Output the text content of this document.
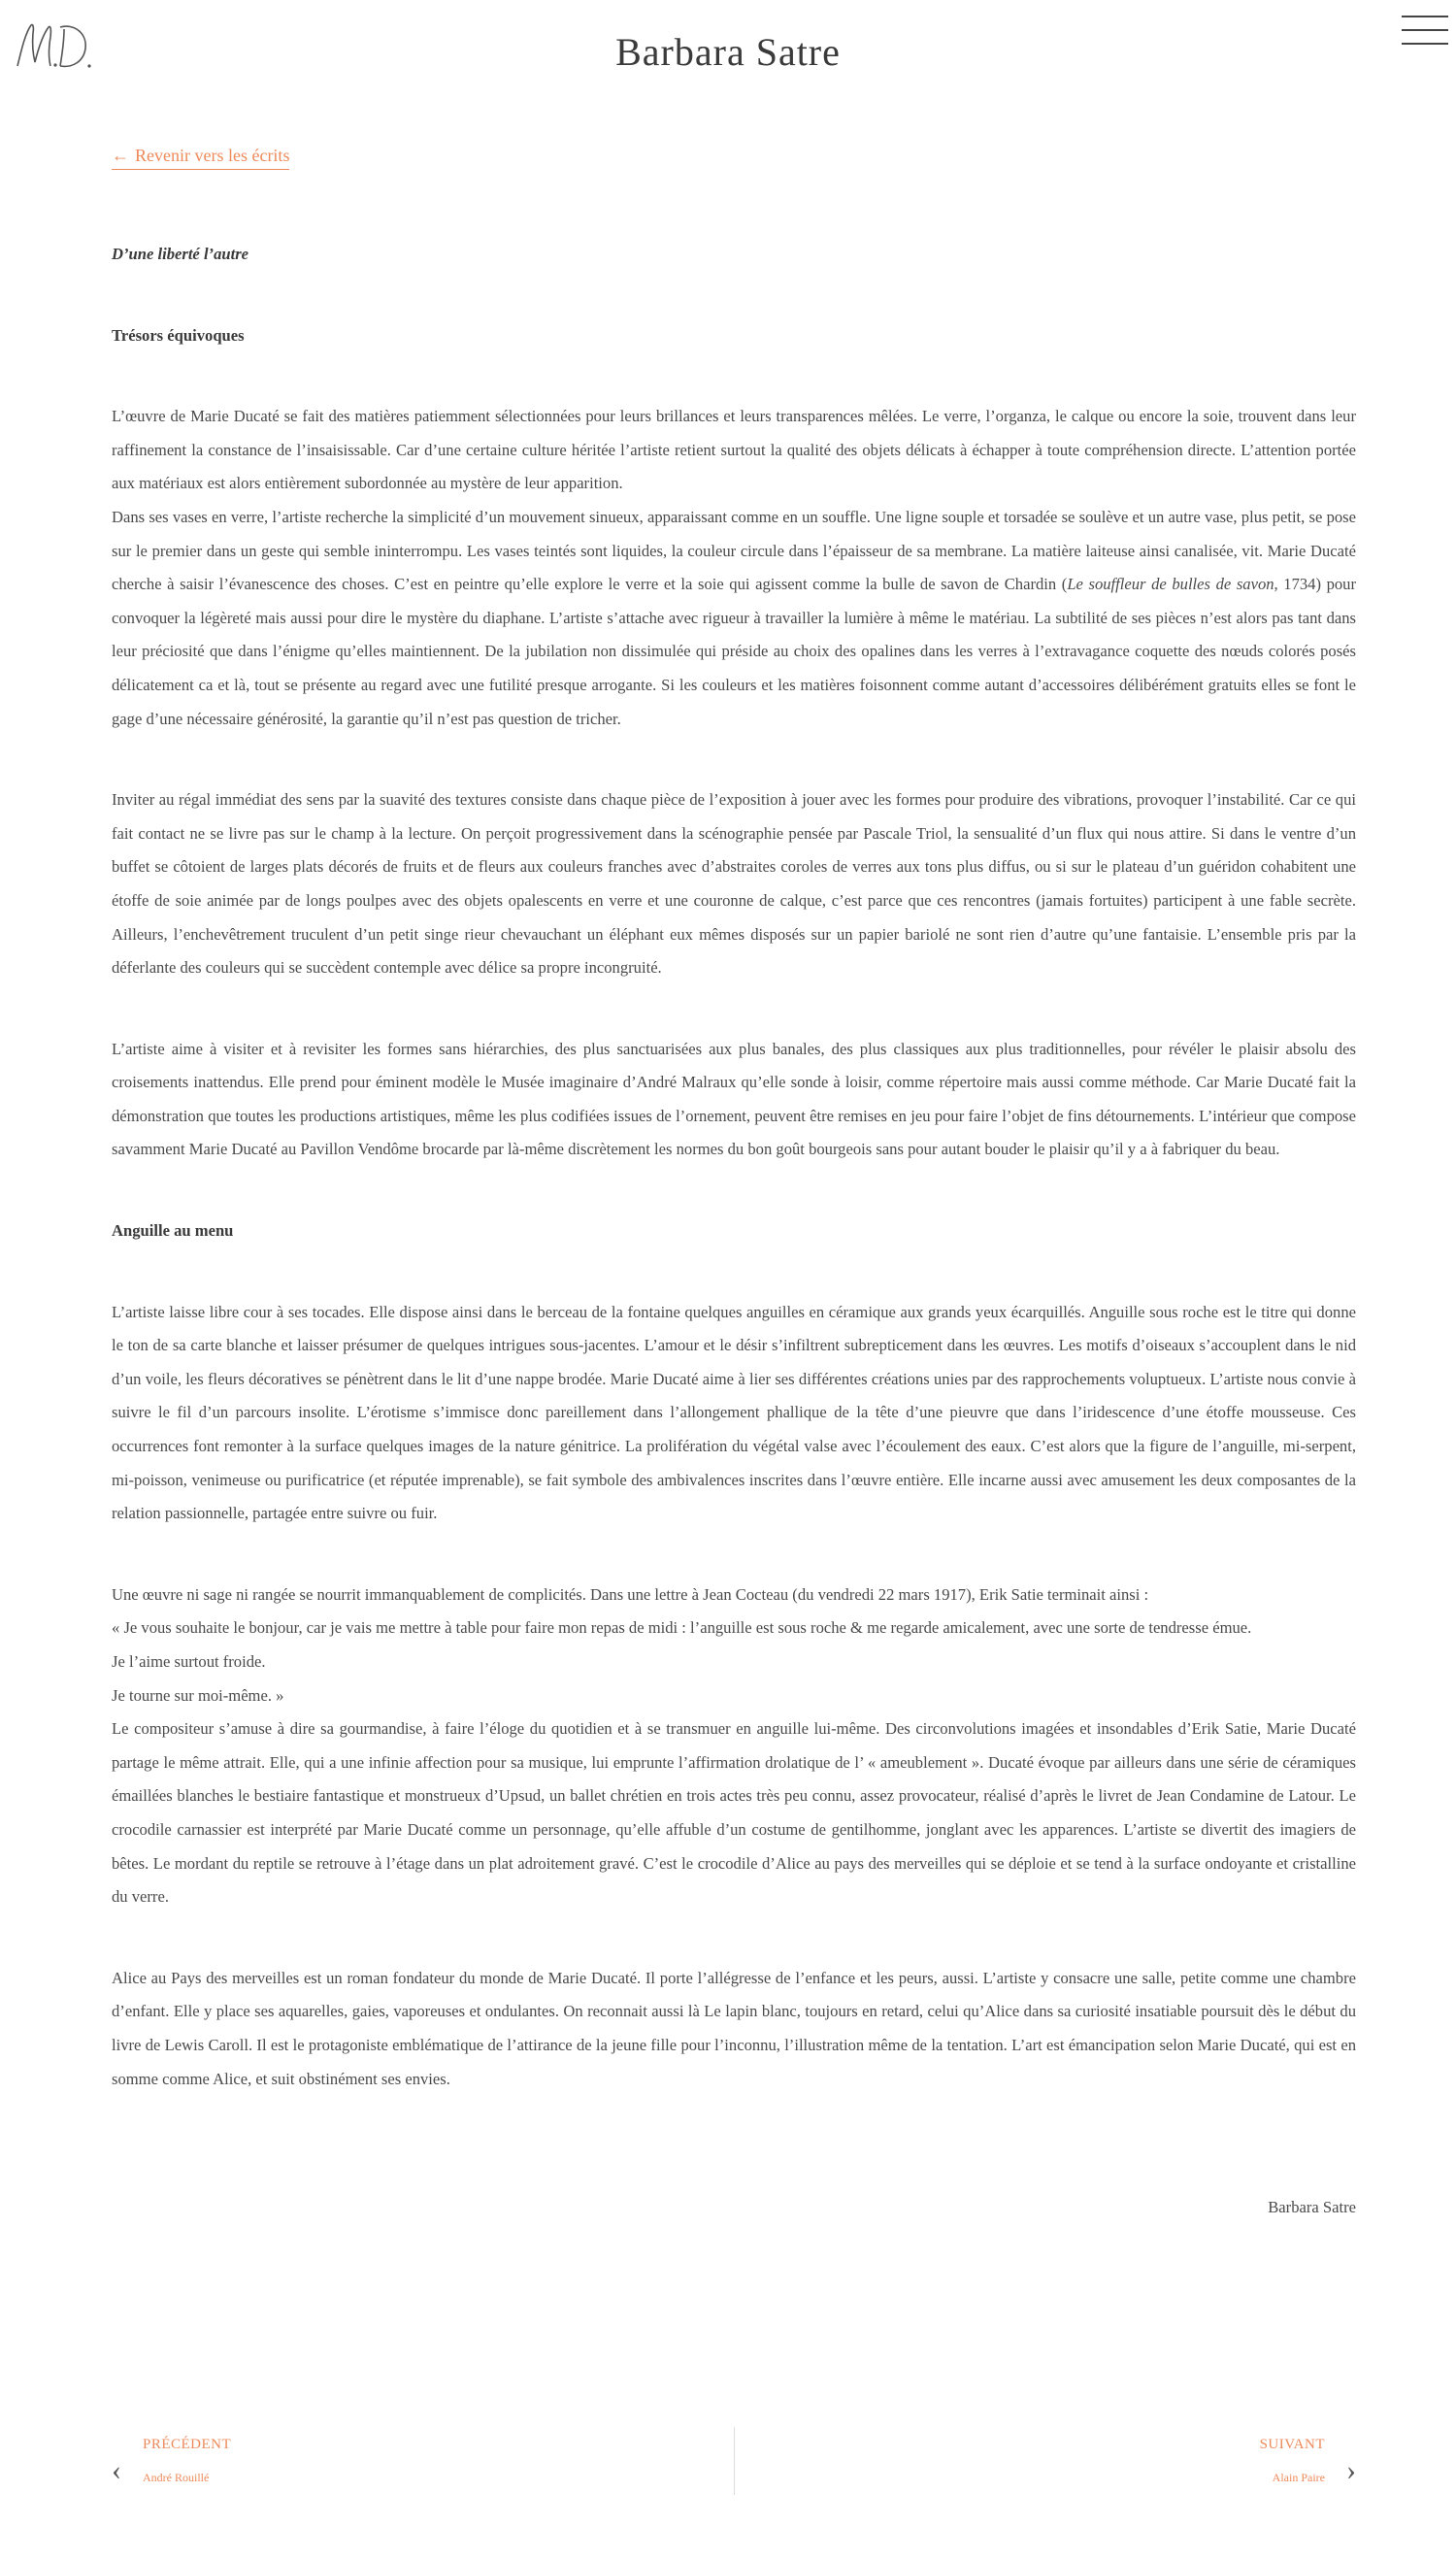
Barbara Satre
← Revenir vers les écrits

D’une liberté l’autre

Trésors équivoques

L’œuvre de Marie Ducaté se fait des matières patiemment sélectionnées pour leurs brillances et leurs transparences mêlées. Le verre, l’organza, le calque ou encore la soie, trouvent dans leur raffinement la constance de l’insaisissable. Car d’une certaine culture héritée l’artiste retient surtout la qualité des objets délicats à échapper à toute compréhension directe. L’attention portée aux matériaux est alors entièrement subordonnée au mystère de leur apparition.

Dans ses vases en verre, l’artiste recherche la simplicité d’un mouvement sinueux, apparaissant comme en un souffle. Une ligne souple et torsadée se soulève et un autre vase, plus petit, se pose sur le premier dans un geste qui semble ininterrompu. Les vases teintés sont liquides, la couleur circule dans l’épaisseur de sa membrane. La matière laiteuse ainsi canalisée, vit. Marie Ducaté cherche à saisir l’évanescence des choses. C’est en peintre qu’elle explore le verre et la soie qui agissent comme la bulle de savon de Chardin (Le souffleur de bulles de savon, 1734) pour convoquer la légèreté mais aussi pour dire le mystère du diaphane. L’artiste s’attache avec rigueur à travailler la lumière à même le matériau. La subtilité de ses pièces n’est alors pas tant dans leur préciosité que dans l’énigme qu’elles maintiennent. De la jubilation non dissimulée qui préside au choix des opalines dans les verres à l’extravagance coquette des nœuds colorés posés délicatement ca et là, tout se présente au regard avec une futilité presque arrogante. Si les couleurs et les matières foisonnent comme autant d’accessoires délibérément gratuits elles se font le gage d’une nécessaire générosité, la garantie qu’il n’est pas question de tricher.

Inviter au régal immédiat des sens par la suavité des textures consiste dans chaque pièce de l’exposition à jouer avec les formes pour produire des vibrations, provoquer l’instabilité. Car ce qui fait contact ne se livre pas sur le champ à la lecture. On perçoit progressivement dans la scénographie pensée par Pascale Triol, la sensualité d’un flux qui nous attire. Si dans le ventre d’un buffet se côtoient de larges plats décorés de fruits et de fleurs aux couleurs franches avec d’abstraites coroles de verres aux tons plus diffus, ou si sur le plateau d’un guéridon cohabitent une étoffe de soie animée par de longs poulpes avec des objets opalescents en verre et une couronne de calque, c’est parce que ces rencontres (jamais fortuites) participent à une fable secrète. Ailleurs, l’enchevêtrement truculent d’un petit singe rieur chevauchant un éléphant eux mêmes disposés sur un papier bariolé ne sont rien d’autre qu’une fantaisie. L’ensemble pris par la déferlante des couleurs qui se succèdent contemple avec délice sa propre incongruité.

L’artiste aime à visiter et à revisiter les formes sans hiérarchies, des plus sanctuarisées aux plus banales, des plus classiques aux plus traditionnelles, pour révéler le plaisir absolu des croisements inattendus. Elle prend pour éminent modèle le Musée imaginaire d’André Malraux qu’elle sonde à loisir, comme répertoire mais aussi comme méthode. Car Marie Ducaté fait la démonstration que toutes les productions artistiques, même les plus codifiées issues de l’ornement, peuvent être remises en jeu pour faire l’objet de fins détournements. L’intérieur que compose savamment Marie Ducaté au Pavillon Vendôme brocarde par là-même discrètement les normes du bon goût bourgeois sans pour autant bouder le plaisir qu’il y a à fabriquer du beau.

Anguille au menu

L’artiste laisse libre cour à ses tocades. Elle dispose ainsi dans le berceau de la fontaine quelques anguilles en céramique aux grands yeux écarquillés. Anguille sous roche est le titre qui donne le ton de sa carte blanche et laisser présumer de quelques intrigues sous-jacentes. L’amour et le désir s’infiltrent subrepticement dans les œuvres. Les motifs d’oiseaux s’accouplent dans le nid d’un voile, les fleurs décoratives se pénètrent dans le lit d’une nappe brodée. Marie Ducaté aime à lier ses différentes créations unies par des rapprochements voluptueux. L’artiste nous convie à suivre le fil d’un parcours insolite. L’érotisme s’immisce donc pareillement dans l’allongement phallique de la tête d’une pieuvre que dans l’iridescence d’une étoffe mousseuse. Ces occurrences font remonter à la surface quelques images de la nature génitrice. La prolifération du végétal valse avec l’écoulement des eaux. C’est alors que la figure de l’anguille, mi-serpent, mi-poisson, venimeuse ou purificatrice (et réputée imprenable), se fait symbole des ambivalences inscrites dans l’œuvre entière. Elle incarne aussi avec amusement les deux composantes de la relation passionnelle, partagée entre suivre ou fuir.

Une œuvre ni sage ni rangée se nourrit immanquablement de complicités. Dans une lettre à Jean Cocteau (du vendredi 22 mars 1917), Erik Satie terminait ainsi :

« Je vous souhaite le bonjour, car je vais me mettre à table pour faire mon repas de midi : l’anguille est sous roche & me regarde amicalement, avec une sorte de tendresse émue.

Je l’aime surtout froide.

Je tourne sur moi-même. »

Le compositeur s’amuse à dire sa gourmandise, à faire l’éloge du quotidien et à se transmuer en anguille lui-même. Des circonvolutions imagées et insondables d’Erik Satie, Marie Ducaté partage le même attrait. Elle, qui a une infinie affection pour sa musique, lui emprunte l’affirmation drolatique de l’ « ameublement ». Ducaté évoque par ailleurs dans une série de céramiques émaillées blanches le bestiaire fantastique et monstrueux d’Upsud, un ballet chrétien en trois actes très peu connu, assez provocateur, réalisé d’après le livret de Jean Condamine de Latour. Le crocodile carnassier est interprété par Marie Ducaté comme un personnage, qu’elle affuble d’un costume de gentilhomme, jonglant avec les apparences. L’artiste se divertit des imagiers de bêtes. Le mordant du reptile se retrouve à l’étage dans un plat adroitement gravé. C’est le crocodile d’Alice au pays des merveilles qui se déploie et se tend à la surface ondoyante et cristalline du verre.

Alice au Pays des merveilles est un roman fondateur du monde de Marie Ducaté. Il porte l’allégresse de l’enfance et les peurs, aussi. L’artiste y consacre une salle, petite comme une chambre d’enfant. Elle y place ses aquarelles, gaies, vaporeuses et ondulantes. On reconnait aussi là Le lapin blanc, toujours en retard, celui qu’Alice dans sa curiosité insatiable poursuit dès le début du livre de Lewis Caroll. Il est le protagoniste emblématique de l’attirance de la jeune fille pour l’inconnu, l’illustration même de la tentation. L’art est émancipation selon Marie Ducaté, qui est en somme comme Alice, et suit obstinément ses envies.

Barbara Satre

‹
PRÉCÉDENT
André Rouillé	›
SUIVANT
Alain Paire
